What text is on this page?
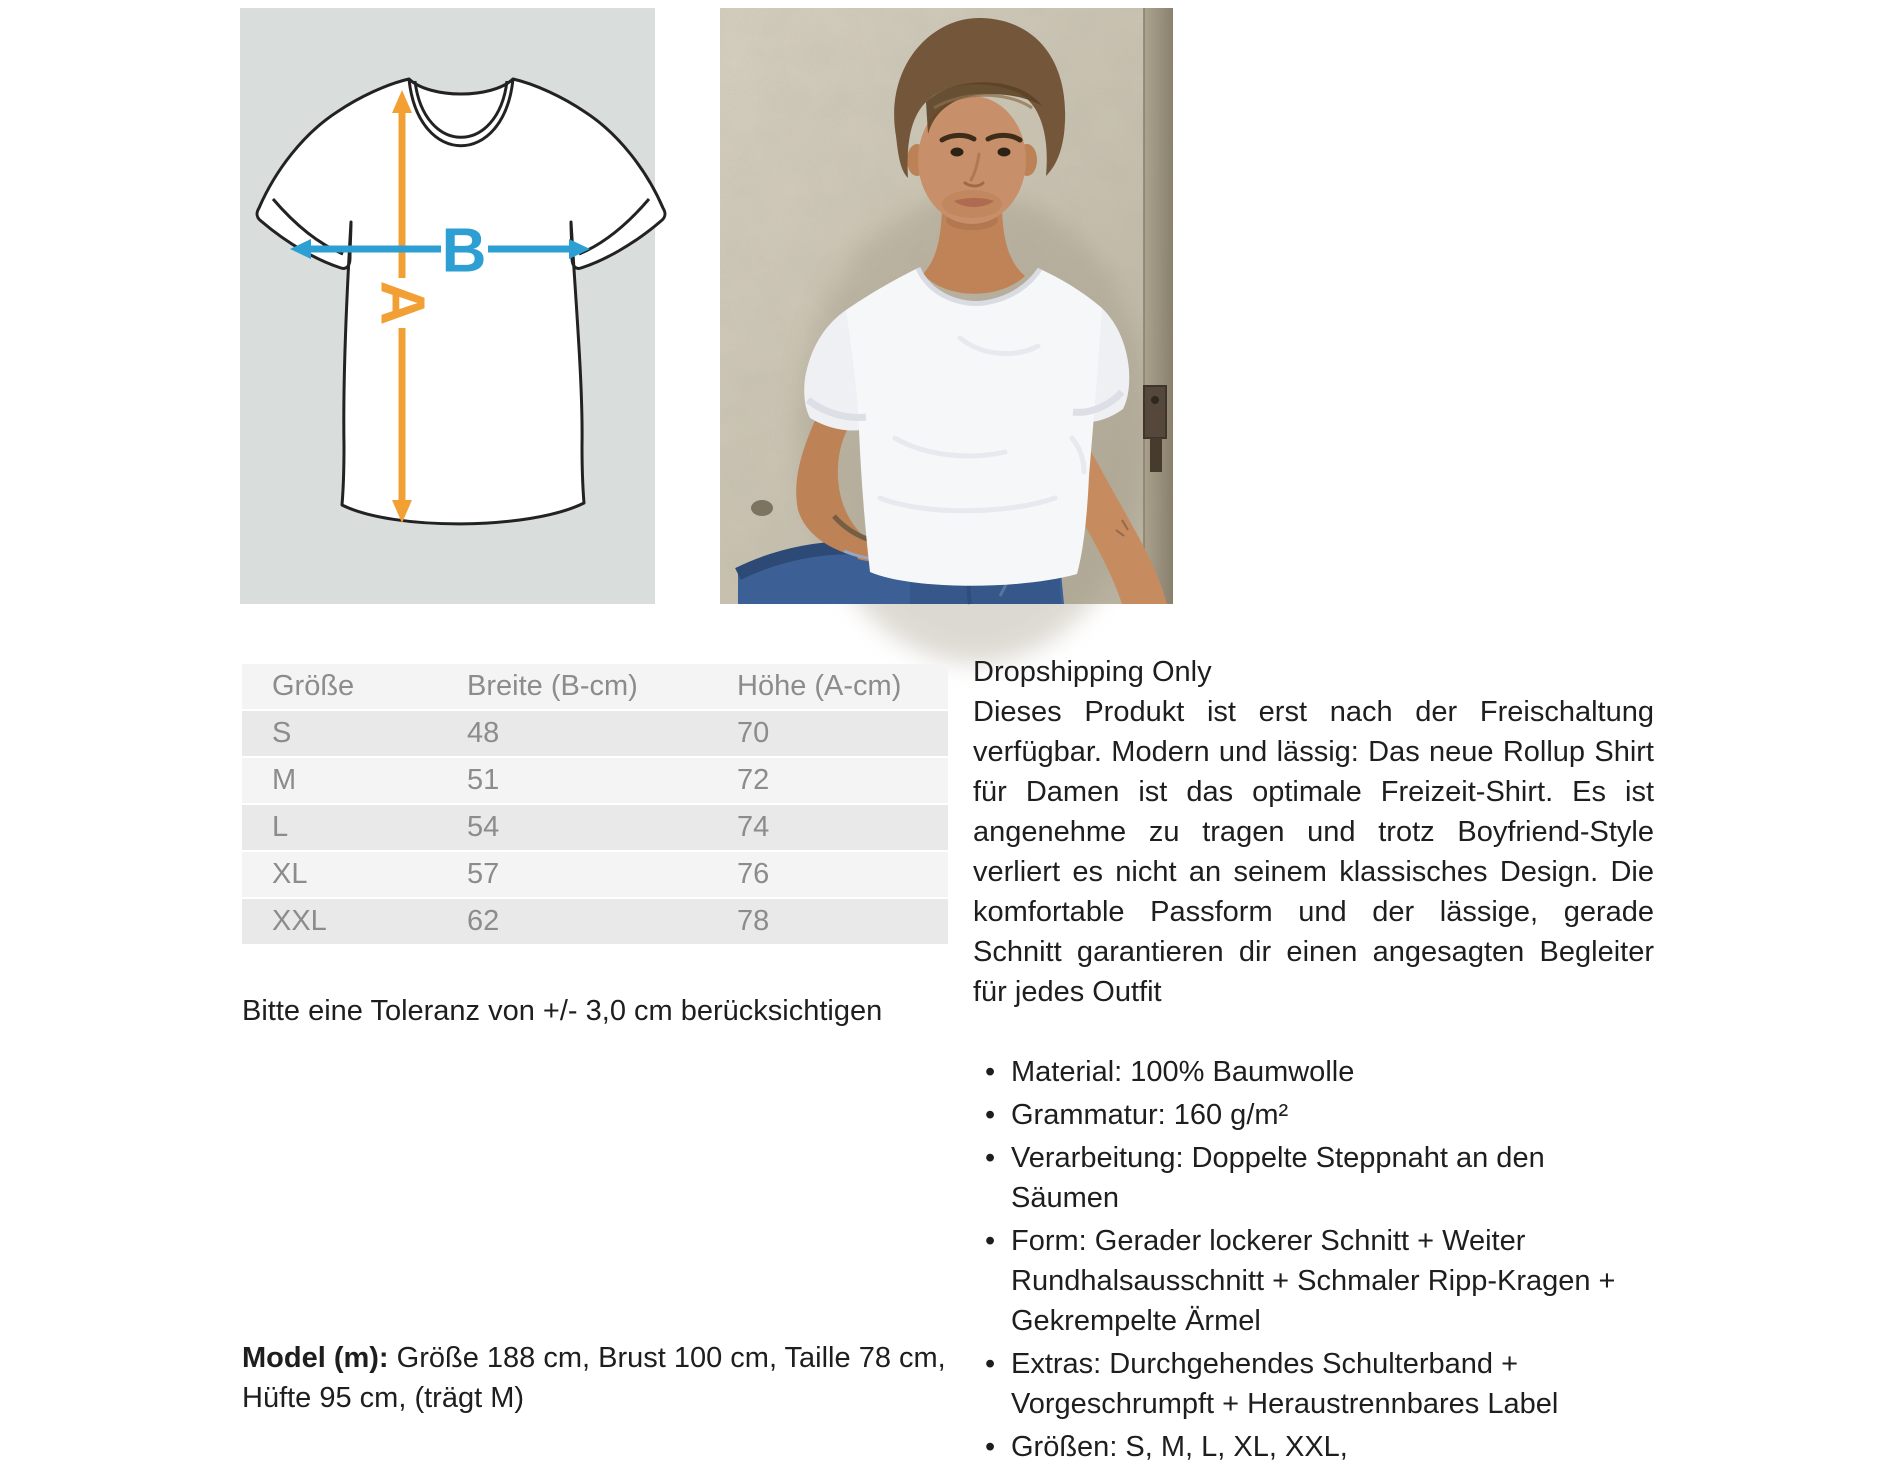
A
B
Größe	Breite (B-cm)	Höhe (A-cm)
S	48	70
M	51	72
L	54	74
XL	57	76
XXL	62	78
Bitte eine Toleranz von +/- 3,0 cm berücksichtigen
Model (m): Größe 188 cm, Brust 100 cm, Taille 78 cm, Hüfte 95 cm, (trägt M)
Dropshipping Only
Dieses Produkt ist erst nach der Freischaltung verfügbar. Modern und lässig: Das neue Rollup Shirt für Damen ist das optimale Freizeit-Shirt. Es ist angenehme zu tragen und trotz Boyfriend-Style verliert es nicht an seinem klassisches Design. Die komfortable Passform und der lässige, gerade Schnitt garantieren dir einen angesagten Begleiter für jedes Outfit
• Material: 100% Baumwolle
• Grammatur: 160 g/m²
• Verarbeitung: Doppelte Steppnaht an den Säumen
• Form: Gerader lockerer Schnitt + Weiter Rundhalsausschnitt + Schmaler Ripp-Kragen + Gekrempelte Ärmel
• Extras: Durchgehendes Schulterband + Vorgeschrumpft + Heraustrennbares Label
• Größen: S, M, L, XL, XXL,
